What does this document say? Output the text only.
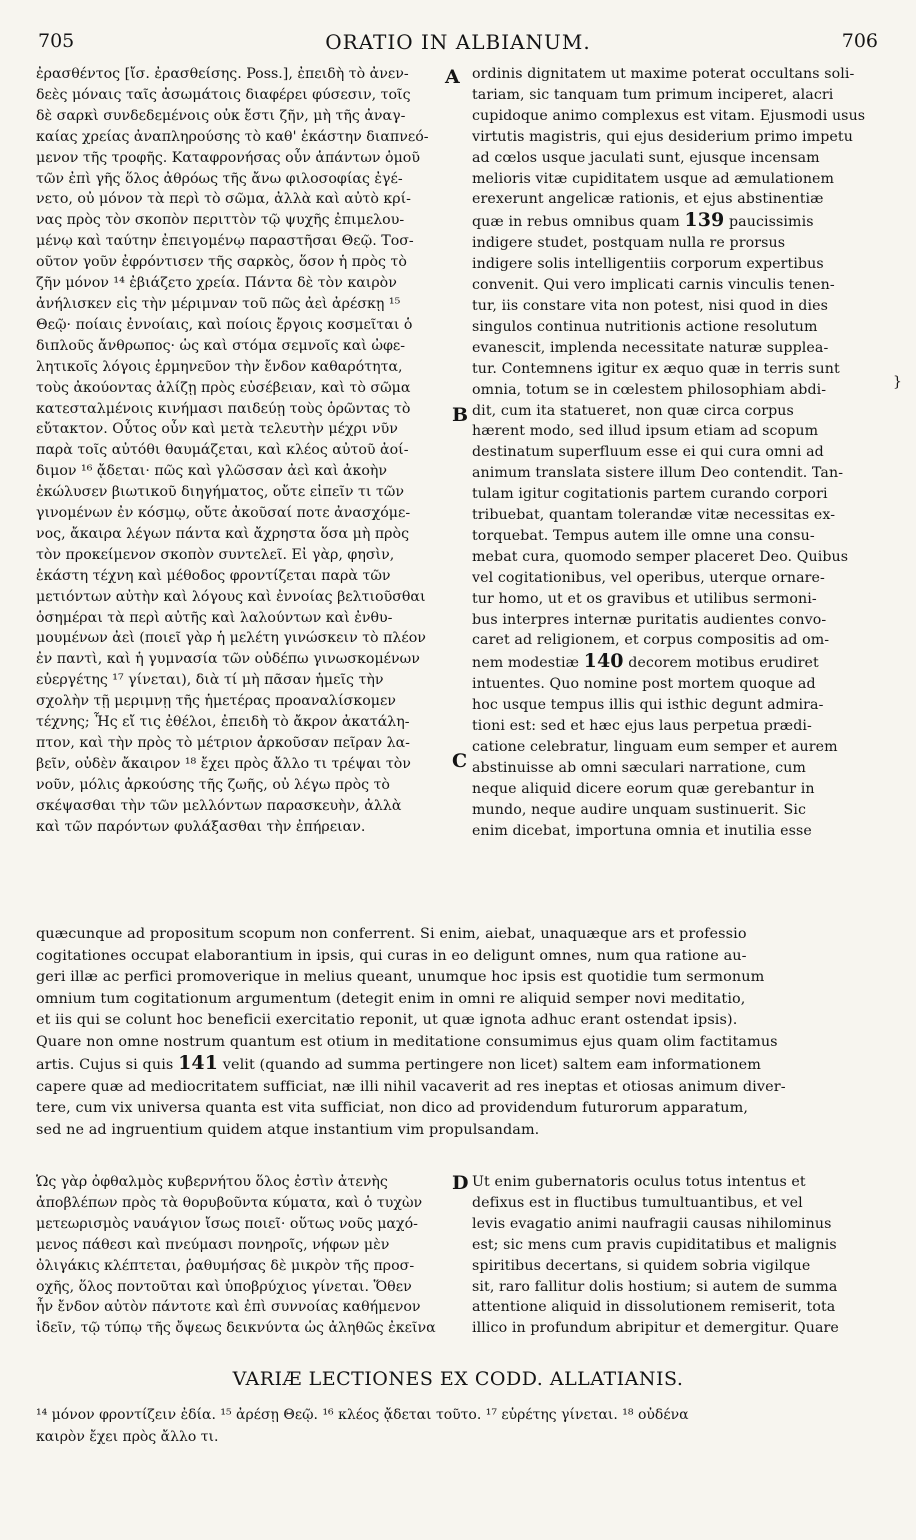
705	ORATIO IN ALBIANUM.	706
A
B
C
D
}
ἐρασθέντος [ἴσ. ἐρασθείσης. Poss.], ἐπειδὴ τὸ ἀνεν-
δεὲς μόναις ταῖς ἀσωμάτοις διαφέρει φύσεσιν, τοῖς
δὲ σαρκὶ συνδεδεμένοις οὐκ ἔστι ζῆν, μὴ τῆς ἀναγ-
καίας χρείας ἀναπληρούσης τὸ καθ' ἑκάστην διαπνεό-
μενον τῆς τροφῆς. Καταφρονήσας οὖν ἁπάντων ὁμοῦ
τῶν ἐπὶ γῆς ὅλος ἀθρόως τῆς ἄνω φιλοσοφίας ἐγέ-
νετο, οὐ μόνον τὰ περὶ τὸ σῶμα, ἀλλὰ καὶ αὐτὸ κρί-
νας πρὸς τὸν σκοπὸν περιττὸν τῷ ψυχῆς ἐπιμελου-
μένῳ καὶ ταύτην ἐπειγομένῳ παραστῆσαι Θεῷ. Τοσ-
οῦτον γοῦν ἐφρόντισεν τῆς σαρκὸς, ὅσον ἡ πρὸς τὸ
ζῆν μόνον ¹⁴ ἐβιάζετο χρεία. Πάντα δὲ τὸν καιρὸν
ἀνήλισκεν εἰς τὴν μέριμναν τοῦ πῶς ἀεὶ ἀρέσκῃ ¹⁵
Θεῷ· ποίαις ἐννοίαις, καὶ ποίοις ἔργοις κοσμεῖται ὁ
διπλοῦς ἄνθρωπος· ὡς καὶ στόμα σεμνοῖς καὶ ὠφε-
λητικοῖς λόγοις ἑρμηνεῦον τὴν ἔνδον καθαρότητα,
τοὺς ἀκούοντας ἀλίζῃ πρὸς εὐσέβειαν, καὶ τὸ σῶμα
κατεσταλμένοις κινήμασι παιδεύῃ τοὺς ὁρῶντας τὸ
εὔτακτον. Οὗτος οὖν καὶ μετὰ τελευτὴν μέχρι νῦν
παρὰ τοῖς αὐτόθι θαυμάζεται, καὶ κλέος αὐτοῦ ἀοί-
διμον ¹⁶ ᾄδεται· πῶς καὶ γλῶσσαν ἀεὶ καὶ ἀκοὴν
ἐκώλυσεν βιωτικοῦ διηγήματος, οὔτε εἰπεῖν τι τῶν
γινομένων ἐν κόσμῳ, οὔτε ἀκοῦσαί ποτε ἀνασχόμε-
νος, ἄκαιρα λέγων πάντα καὶ ἄχρηστα ὅσα μὴ πρὸς
τὸν προκείμενον σκοπὸν συντελεῖ. Εἰ γὰρ, φησὶν,
ἑκάστη τέχνη καὶ μέθοδος φροντίζεται παρὰ τῶν
μετιόντων αὐτὴν καὶ λόγους καὶ ἐννοίας βελτιοῦσθαι
ὁσημέραι τὰ περὶ αὐτῆς καὶ λαλούντων καὶ ἐνθυ-
μουμένων ἀεὶ (ποιεῖ γὰρ ἡ μελέτη γινώσκειν τὸ πλέον
ἐν παντὶ, καὶ ἡ γυμνασία τῶν οὐδέπω γινωσκομένων
εὐεργέτης ¹⁷ γίνεται), διὰ τί μὴ πᾶσαν ἡμεῖς τὴν
σχολὴν τῇ μεριμνῃ τῆς ἡμετέρας προαναλίσκομεν
τέχνης; Ἧς εἴ τις ἐθέλοι, ἐπειδὴ τὸ ἄκρον ἀκατάλη-
πτον, καὶ τὴν πρὸς τὸ μέτριον ἀρκοῦσαν πεῖραν λα-
βεῖν, οὐδὲν ἄκαιρον ¹⁸ ἔχει πρὸς ἄλλο τι τρέψαι τὸν
νοῦν, μόλις ἀρκούσης τῆς ζωῆς, οὐ λέγω πρὸς τὸ
σκέψασθαι τὴν τῶν μελλόντων παρασκευὴν, ἀλλὰ
καὶ τῶν παρόντων φυλάξασθαι τὴν ἐπήρειαν.
ordinis dignitatem ut maxime poterat occultans soli-
tariam, sic tanquam tum primum inciperet, alacri
cupidoque animo complexus est vitam. Ejusmodi usus
virtutis magistris, qui ejus desiderium primo impetu
ad cœlos usque jaculati sunt, ejusque incensam
melioris vitæ cupiditatem usque ad æmulationem
erexerunt angelicæ rationis, et ejus abstinentiæ
quæ in rebus omnibus quam 139 paucissimis
indigere studet, postquam nulla re prorsus
indigere solis intelligentiis corporum expertibus
convenit. Qui vero implicati carnis vinculis tenen-
tur, iis constare vita non potest, nisi quod in dies
singulos continua nutritionis actione resolutum
evanescit, implenda necessitate naturæ supplea-
tur. Contemnens igitur ex æquo quæ in terris sunt
omnia, totum se in cœlestem philosophiam abdi-
dit, cum ita statueret, non quæ circa corpus
hærent modo, sed illud ipsum etiam ad scopum
destinatum superfluum esse ei qui cura omni ad
animum translata sistere illum Deo contendit. Tan-
tulam igitur cogitationis partem curando corpori
tribuebat, quantam tolerandæ vitæ necessitas ex-
torquebat. Tempus autem ille omne una consu-
mebat cura, quomodo semper placeret Deo. Quibus
vel cogitationibus, vel operibus, uterque ornare-
tur homo, ut et os gravibus et utilibus sermoni-
bus interpres internæ puritatis audientes convo-
caret ad religionem, et corpus compositis ad om-
nem modestiæ 140 decorem motibus erudiret
intuentes. Quo nomine post mortem quoque ad
hoc usque tempus illis qui isthic degunt admira-
tioni est: sed et hæc ejus laus perpetua prædi-
catione celebratur, linguam eum semper et aurem
abstinuisse ab omni sæculari narratione, cum
neque aliquid dicere eorum quæ gerebantur in
mundo, neque audire unquam sustinuerit. Sic
enim dicebat, importuna omnia et inutilia esse
quæcunque ad propositum scopum non conferrent. Si enim, aiebat, unaquæque ars et professio
cogitationes occupat elaborantium in ipsis, qui curas in eo deligunt omnes, num qua ratione au-
geri illæ ac perfici promoverique in melius queant, unumque hoc ipsis est quotidie tum sermonum
omnium tum cogitationum argumentum (detegit enim in omni re aliquid semper novi meditatio,
et iis qui se colunt hoc beneficii exercitatio reponit, ut quæ ignota adhuc erant ostendat ipsis).
Quare non omne nostrum quantum est otium in meditatione consumimus ejus quam olim factitamus
artis. Cujus si quis 141 velit (quando ad summa pertingere non licet) saltem eam informationem
capere quæ ad mediocritatem sufficiat, næ illi nihil vacaverit ad res ineptas et otiosas animum diver-
tere, cum vix universa quanta est vita sufficiat, non dico ad providendum futurorum apparatum,
sed ne ad ingruentium quidem atque instantium vim propulsandam.
Ὡς γὰρ ὀφθαλμὸς κυβερνήτου ὅλος ἐστὶν ἀτενὴς
ἀποβλέπων πρὸς τὰ θορυβοῦντα κύματα, καὶ ὁ τυχὼν
μετεωρισμὸς ναυάγιον ἴσως ποιεῖ· οὕτως νοῦς μαχό-
μενος πάθεσι καὶ πνεύμασι πονηροῖς, νήφων μὲν
ὀλιγάκις κλέπτεται, ῥαθυμήσας δὲ μικρὸν τῆς προσ-
οχῆς, ὅλος ποντοῦται καὶ ὑποβρύχιος γίνεται. Ὅθεν
ἦν ἔνδον αὐτὸν πάντοτε καὶ ἐπὶ συννοίας καθήμενον
ἰδεῖν, τῷ τύπῳ τῆς ὄψεως δεικνύντα ὡς ἀληθῶς ἐκεῖνα
Ut enim gubernatoris oculus totus intentus et
defixus est in fluctibus tumultuantibus, et vel
levis evagatio animi naufragii causas nihilominus
est; sic mens cum pravis cupiditatibus et malignis
spiritibus decertans, si quidem sobria vigilque
sit, raro fallitur dolis hostium; si autem de summa
attentione aliquid in dissolutionem remiserit, tota
illico in profundum abripitur et demergitur. Quare
VARIÆ LECTIONES EX CODD. ALLATIANIS.
¹⁴ μόνον φροντίζειν ἐδία. ¹⁵ ἀρέσῃ Θεῷ. ¹⁶ κλέος ᾄδεται τοῦτο. ¹⁷ εὑρέτης γίνεται. ¹⁸ οὐδένα
καιρὸν ἔχει πρὸς ἄλλο τι.
